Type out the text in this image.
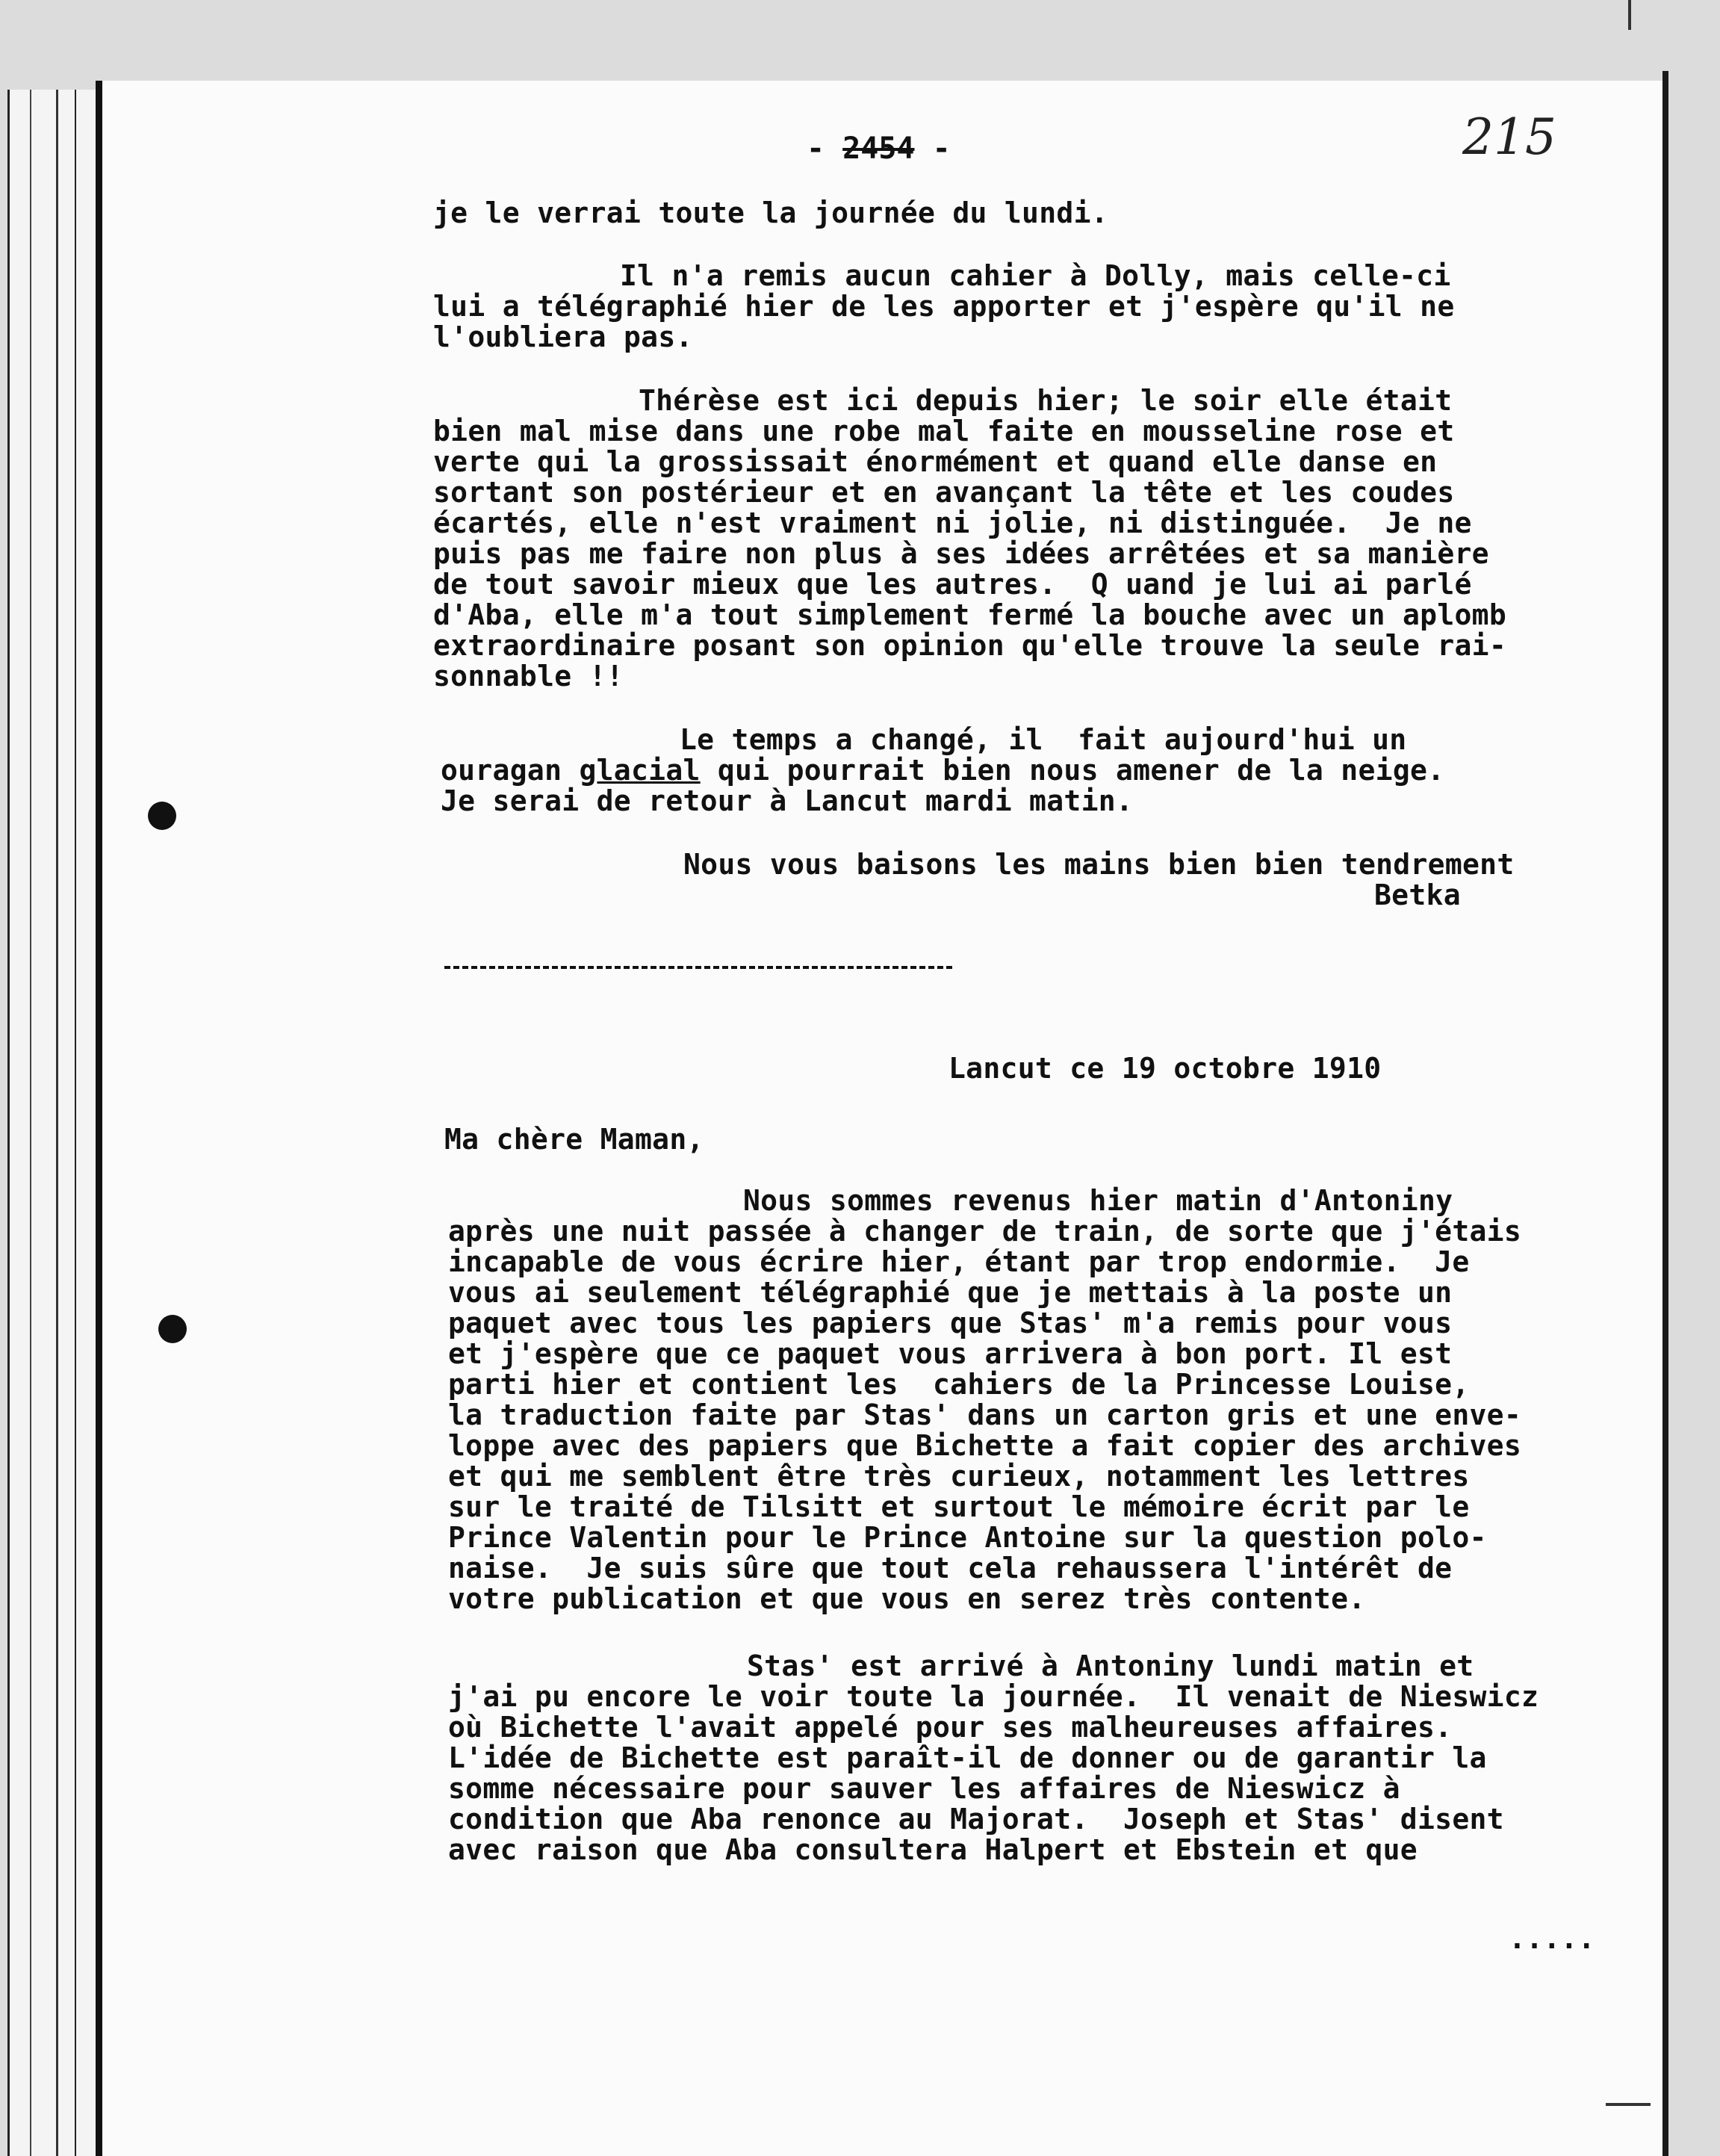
- 2454 -	215
je le verrai toute la journée du lundi.
Il n'a remis aucun cahier à Dolly, mais celle-ci
lui a télégraphié hier de les apporter et j'espère qu'il ne
l'oubliera pas.
Thérèse est ici depuis hier; le soir elle était
bien mal mise dans une robe mal faite en mousseline rose et
verte qui la grossissait énormément et quand elle danse en
sortant son postérieur et en avançant la tête et les coudes
écartés, elle n'est vraiment ni jolie, ni distinguée.  Je ne
puis pas me faire non plus à ses idées arrêtées et sa manière
de tout savoir mieux que les autres.  Q uand je lui ai parlé
d'Aba, elle m'a tout simplement fermé la bouche avec un aplomb
extraordinaire posant son opinion qu'elle trouve la seule rai-
sonnable !!
Le temps a changé, il  fait aujourd'hui un
ouragan glacial qui pourrait bien nous amener de la neige.
Je serai de retour à Lancut mardi matin.
Nous vous baisons les mains bien bien tendrement
Betka
Lancut ce 19 octobre 1910
Ma chère Maman,
Nous sommes revenus hier matin d'Antoniny
après une nuit passée à changer de train, de sorte que j'étais
incapable de vous écrire hier, étant par trop endormie.  Je
vous ai seulement télégraphié que je mettais à la poste un
paquet avec tous les papiers que Stas' m'a remis pour vous
et j'espère que ce paquet vous arrivera à bon port. Il est
parti hier et contient les  cahiers de la Princesse Louise,
la traduction faite par Stas' dans un carton gris et une enve-
loppe avec des papiers que Bichette a fait copier des archives
et qui me semblent être très curieux, notamment les lettres
sur le traité de Tilsitt et surtout le mémoire écrit par le
Prince Valentin pour le Prince Antoine sur la question polo-
naise.  Je suis sûre que tout cela rehaussera l'intérêt de
votre publication et que vous en serez très contente.
Stas' est arrivé à Antoniny lundi matin et
j'ai pu encore le voir toute la journée.  Il venait de Nieswicz
où Bichette l'avait appelé pour ses malheureuses affaires.
L'idée de Bichette est paraît-il de donner ou de garantir la
somme nécessaire pour sauver les affaires de Nieswicz à
condition que Aba renonce au Majorat.  Joseph et Stas' disent
avec raison que Aba consultera Halpert et Ebstein et que
.....
